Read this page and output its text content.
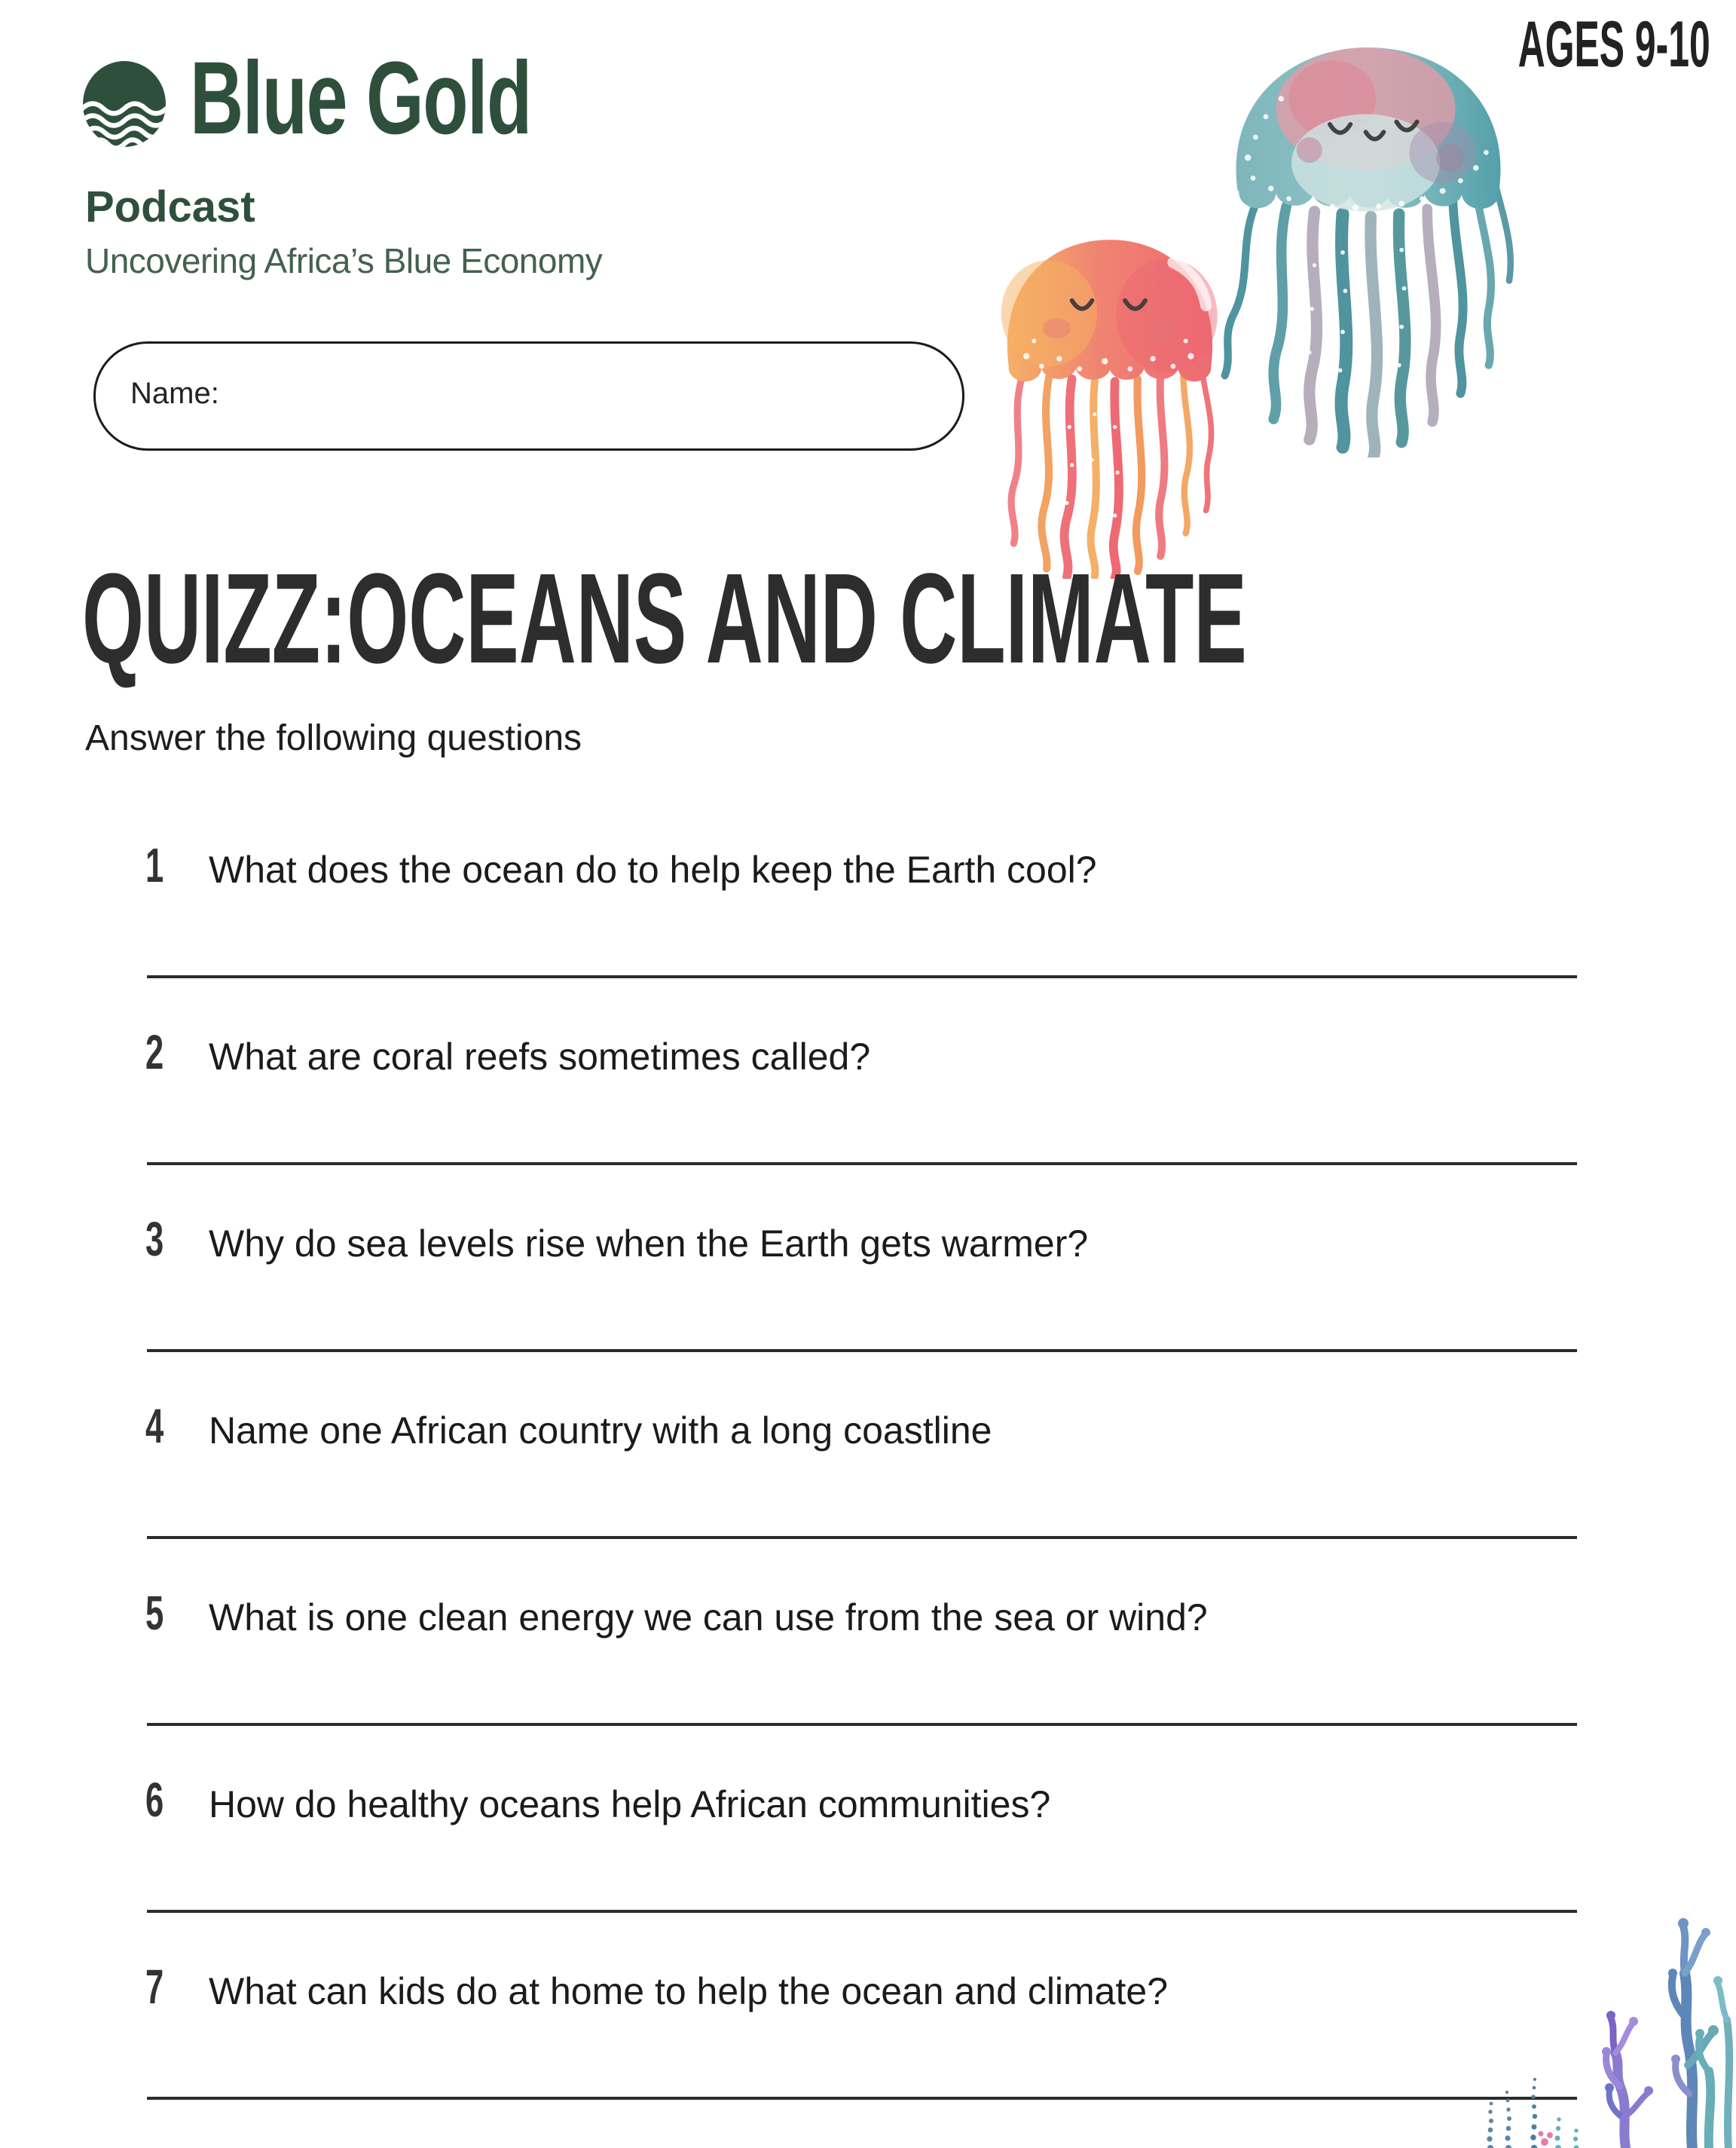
Blue Gold
Podcast
Uncovering Africa’s Blue Economy
AGES 9-10
Name:
QUIZZ:OCEANS AND CLIMATE
Answer the following questions
1 What does the ocean do to help keep the Earth cool?
2 What are coral reefs sometimes called?
3 Why do sea levels rise when the Earth gets warmer?
4 Name one African country with a long coastline
5 What is one clean energy we can use from the sea or wind?
6 How do healthy oceans help African communities?
7 What can kids do at home to help the ocean and climate?
